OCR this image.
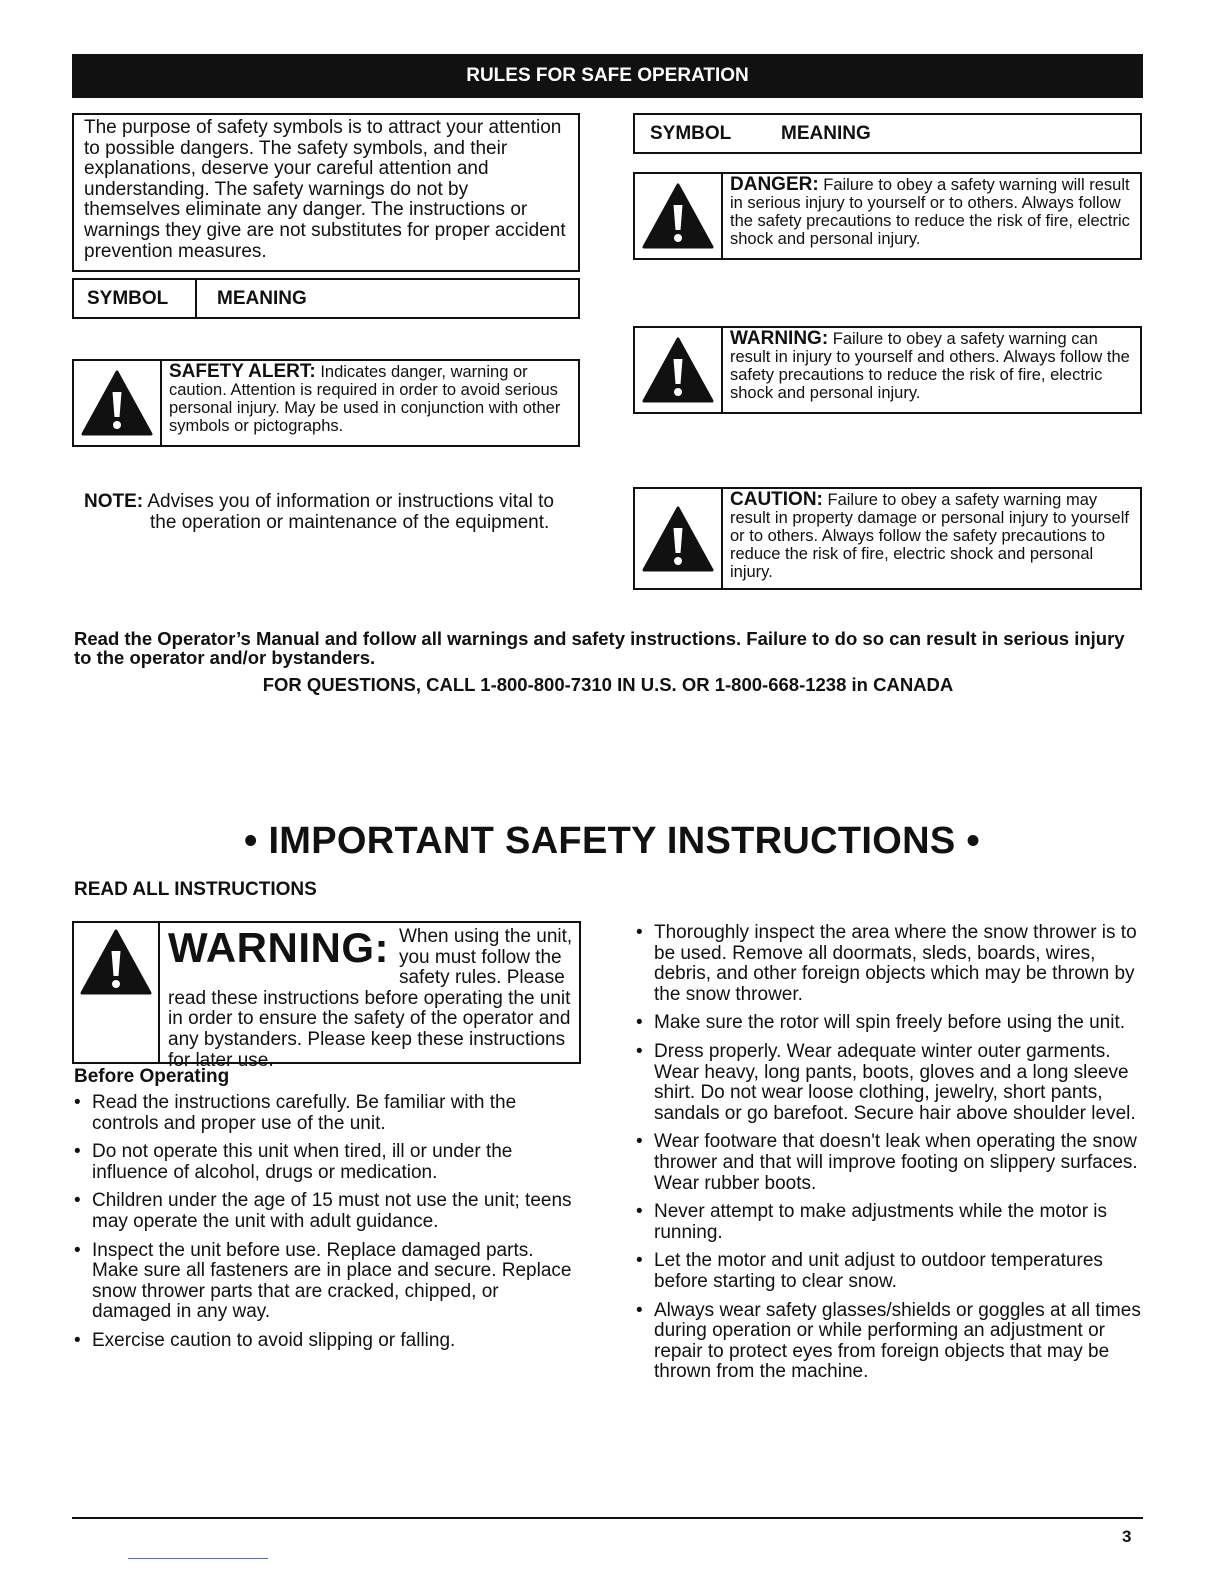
RULES FOR SAFE OPERATION
The purpose of safety symbols is to attract your attention to possible dangers. The safety symbols, and their explanations, deserve your careful attention and understanding. The safety warnings do not by themselves eliminate any danger. The instructions or warnings they give are not substitutes for proper accident prevention measures.
SYMBOL	MEANING
SYMBOL	MEANING
SAFETY ALERT: Indicates danger, warning or caution. Attention is required in order to avoid serious personal injury. May be used in conjunction with other symbols or pictographs.
DANGER: Failure to obey a safety warning will result in serious injury to yourself or to others. Always follow the safety precautions to reduce the risk of fire, electric shock and personal injury.
WARNING: Failure to obey a safety warning can result in injury to yourself and others. Always follow the safety precautions to reduce the risk of fire, electric shock and personal injury.
CAUTION: Failure to obey a safety warning may result in property damage or personal injury to yourself or to others. Always follow the safety precautions to reduce the risk of fire, electric shock and personal injury.
NOTE: Advises you of information or instructions vital to
the operation or maintenance of the equipment.
Read the Operator’s Manual and follow all warnings and safety instructions. Failure to do so can result in serious injury to the operator and/or bystanders.
FOR QUESTIONS, CALL 1-800-800-7310 IN U.S. OR 1-800-668-1238 in CANADA
• IMPORTANT SAFETY INSTRUCTIONS •
READ ALL INSTRUCTIONS
WARNING: When using the unit, you must follow the safety rules. Please read these instructions before operating the unit in order to ensure the safety of the operator and any bystanders. Please keep these instructions for later use.
Before Operating
• Read the instructions carefully. Be familiar with the controls and proper use of the unit.
• Do not operate this unit when tired, ill or under the influence of alcohol, drugs or medication.
• Children under the age of 15 must not use the unit; teens may operate the unit with adult guidance.
• Inspect the unit before use. Replace damaged parts. Make sure all fasteners are in place and secure. Replace snow thrower parts that are cracked, chipped, or damaged in any way.
• Exercise caution to avoid slipping or falling.
• Thoroughly inspect the area where the snow thrower is to be used. Remove all doormats, sleds, boards, wires, debris, and other foreign objects which may be thrown by the snow thrower.
• Make sure the rotor will spin freely before using the unit.
• Dress properly. Wear adequate winter outer garments. Wear heavy, long pants, boots, gloves and a long sleeve shirt. Do not wear loose clothing, jewelry, short pants, sandals or go barefoot. Secure hair above shoulder level.
• Wear footware that doesn't leak when operating the snow thrower and that will improve footing on slippery surfaces. Wear rubber boots.
• Never attempt to make adjustments while the motor is running.
• Let the motor and unit adjust to outdoor temperatures before starting to clear snow.
• Always wear safety glasses/shields or goggles at all times during operation or while performing an adjustment or repair to protect eyes from foreign objects that may be thrown from the machine.
3
